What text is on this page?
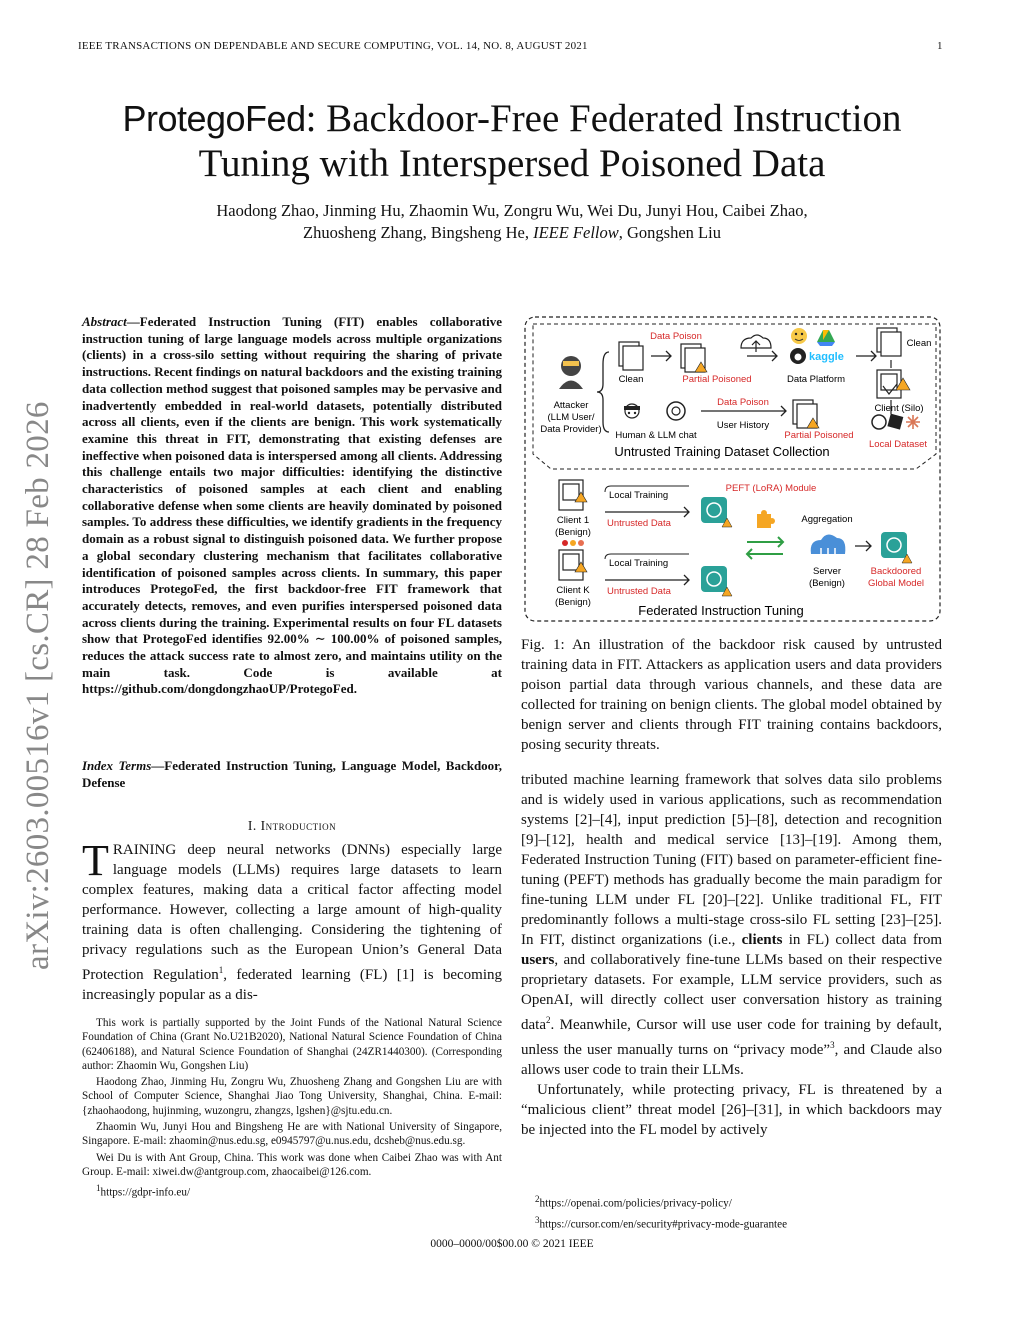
IEEE TRANSACTIONS ON DEPENDABLE AND SECURE COMPUTING, VOL. 14, NO. 8, AUGUST 2021	1
ProtegoFed: Backdoor-Free Federated Instruction
Tuning with Interspersed Poisoned Data
Haodong Zhao, Jinming Hu, Zhaomin Wu, Zongru Wu, Wei Du, Junyi Hou, Caibei Zhao,
Zhuosheng Zhang, Bingsheng He, IEEE Fellow, Gongshen Liu
arXiv:2603.00516v1 [cs.CR] 28 Feb 2026
Abstract—Federated Instruction Tuning (FIT) enables collaborative instruction tuning of large language models across multiple organizations (clients) in a cross-silo setting without requiring the sharing of private instructions. Recent findings on natural backdoors and the existing training data collection method suggest that poisoned samples may be pervasive and inadvertently embedded in real-world datasets, potentially distributed across all clients, even if the clients are benign. This work systematically examine this threat in FIT, demonstrating that existing defenses are ineffective when poisoned data is interspersed among all clients. Addressing this challenge entails two major difficulties: identifying the distinctive characteristics of poisoned samples at each client and enabling collaborative defense when some clients are heavily dominated by poisoned samples. To address these difficulties, we identify gradients in the frequency domain as a robust signal to distinguish poisoned data. We further propose a global secondary clustering mechanism that facilitates collaborative identification of poisoned samples across clients. In summary, this paper introduces ProtegoFed, the first backdoor-free FIT framework that accurately detects, removes, and even purifies interspersed poisoned data across clients during the training. Experimental results on four FL datasets show that ProtegoFed identifies 92.00% ∼ 100.00% of poisoned samples, reduces the attack success rate to almost zero, and maintains utility on the main task. Code is available at https://github.com/dongdongzhaoUP/ProtegoFed.
Index Terms—Federated Instruction Tuning, Language Model, Backdoor, Defense
I. Introduction
TRAINING deep neural networks (DNNs) especially large language models (LLMs) requires large datasets to learn complex features, making data a critical factor affecting model performance. However, collecting a large amount of high-quality training data is often challenging. Considering the tightening of privacy regulations such as the European Union’s General Data Protection Regulation$^1$, federated learning (FL) [1] is becoming increasingly popular as a dis-

This work is partially supported by the Joint Funds of the National Natural Science Foundation of China (Grant No.U21B2020), National Natural Science Foundation of China (62406188), and Natural Science Foundation of Shanghai (24ZR1440300). (Corresponding author: Zhaomin Wu, Gongshen Liu)

Haodong Zhao, Jinming Hu, Zongru Wu, Zhuosheng Zhang and Gongshen Liu are with School of Computer Science, Shanghai Jiao Tong University, Shanghai, China. E-mail: {zhaohaodong, hujinming, wuzongru, zhangzs, lgshen}@sjtu.edu.cn.

Zhaomin Wu, Junyi Hou and Bingsheng He are with National University of Singapore, Singapore. E-mail: zhaomin@nus.edu.sg, e0945797@u.nus.edu, dcsheb@nus.edu.sg.

Wei Du is with Ant Group, China. This work was done when Caibei Zhao was with Ant Group. E-mail: xiwei.dw@antgroup.com, zhaocaibei@126.com.

$^1$https://gdpr-info.eu/

Attacker
(LLM User/
Data Provider)
Clean
Data Poison
Partial Poisoned
kaggle
Data Platform
Clean
Client (Silo)
Human & LLM chat
Data Poison
User History
Partial Poisoned
Local Dataset
Untrusted Training Dataset Collection
Client 1
(Benign)
Client K
(Benign)
Local Training
Untrusted Data
Local Training
Untrusted Data
PEFT (LoRA) Module
Aggregation
Server
(Benign)
Backdoored
Global Model
Federated Instruction Tuning
Fig. 1: An illustration of the backdoor risk caused by untrusted training data in FIT. Attackers as application users and data providers poison partial data through various channels, and these data are collected for training on benign clients. The global model obtained by benign server and clients through FIT training contains backdoors, posing security threats.

tributed machine learning framework that solves data silo problems and is widely used in various applications, such as recommendation systems [2]–[4], input prediction [5]–[8], detection and recognition [9]–[12], health and medical service [13]–[19]. Among them, Federated Instruction Tuning (FIT) based on parameter-efficient fine-tuning (PEFT) methods has gradually become the main paradigm for fine-tuning LLM under FL [20]–[22]. Unlike traditional FL, FIT predominantly follows a multi-stage cross-silo FL setting [23]–[25]. In FIT, distinct organizations (i.e., clients in FL) collect data from users, and collaboratively fine-tune LLMs based on their respective proprietary datasets. For example, LLM service providers, such as OpenAI, will directly collect user conversation history as training data$^2$. Meanwhile, Cursor will use user code for training by default, unless the user manually turns on “privacy mode”$^3$, and Claude also allows user code to train their LLMs.

Unfortunately, while protecting privacy, FL is threatened by a “malicious client” threat model [26]–[31], in which backdoors may be injected into the FL model by actively

$^2$https://openai.com/policies/privacy-policy/

$^3$https://cursor.com/en/security#privacy-mode-guarantee

0000–0000/00$00.00 © 2021 IEEE
